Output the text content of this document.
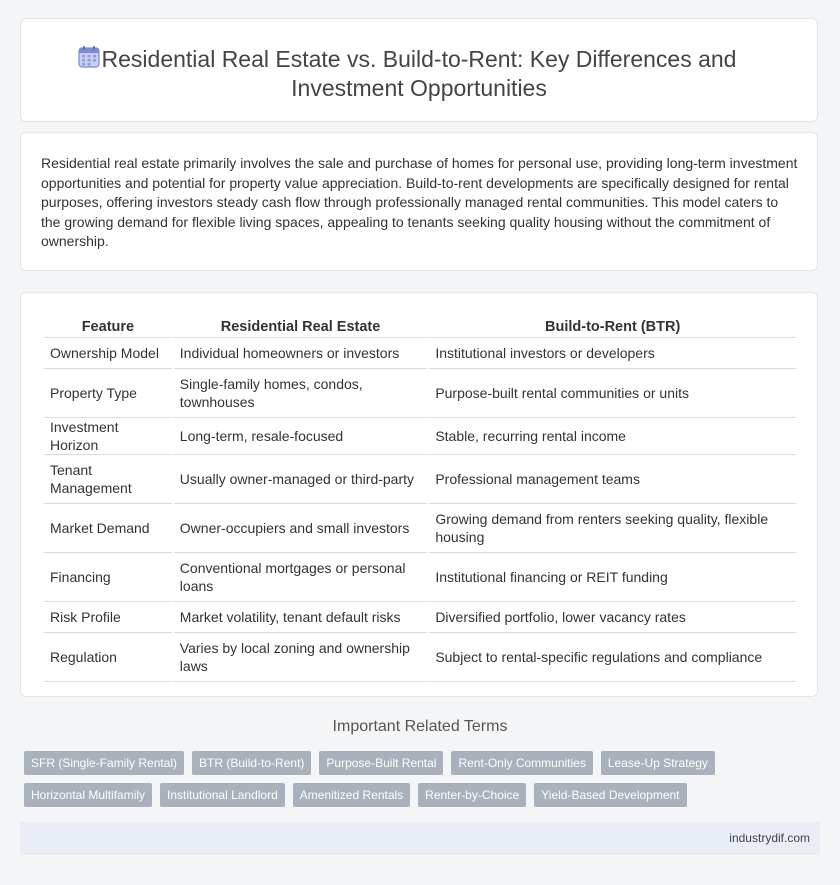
Residential Real Estate vs. Build-to-Rent: Key Differences and
Investment Opportunities

Residential real estate primarily involves the sale and purchase of homes for personal use, providing long-term investment opportunities and potential for property value appreciation. Build-to-rent developments are specifically designed for rental purposes, offering investors steady cash flow through professionally managed rental communities. This model caters to the growing demand for flexible living spaces, appealing to tenants seeking quality housing without the commitment of ownership.

Feature	Residential Real Estate	Build-to-Rent (BTR)
Ownership Model	Individual homeowners or investors	Institutional investors or developers
Property Type	Single-family homes, condos, townhouses	Purpose-built rental communities or units
Investment Horizon	Long-term, resale-focused	Stable, recurring rental income
Tenant Management	Usually owner-managed or third-party	Professional management teams
Market Demand	Owner-occupiers and small investors	Growing demand from renters seeking quality, flexible housing
Financing	Conventional mortgages or personal loans	Institutional financing or REIT funding
Risk Profile	Market volatility, tenant default risks	Diversified portfolio, lower vacancy rates
Regulation	Varies by local zoning and ownership laws	Subject to rental-specific regulations and compliance
Important Related Terms
SFR (Single-Family Rental)	BTR (Build-to-Rent)	Purpose-Built Rental	Rent-Only Communities	Lease-Up Strategy
Horizontal Multifamily	Institutional Landlord	Amenitized Rentals	Renter-by-Choice	Yield-Based Development
industrydif.com
